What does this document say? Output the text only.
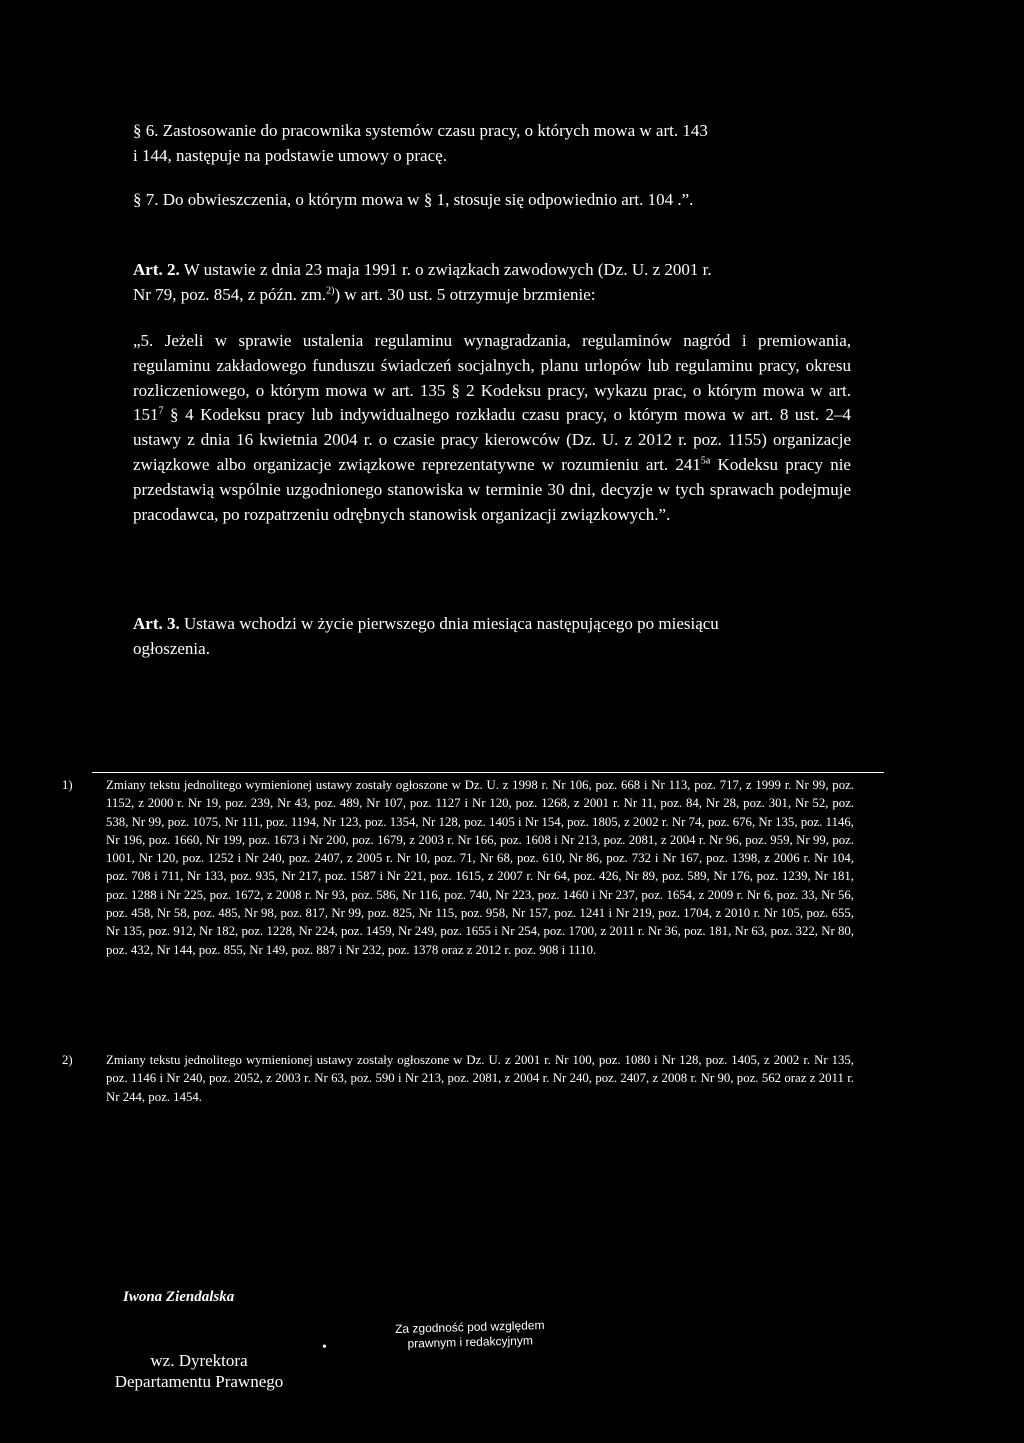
§ 6. Zastosowanie do pracownika systemów czasu pracy, o których mowa w art. 143
i 144, następuje na podstawie umowy o pracę.
§ 7. Do obwieszczenia, o którym mowa w § 1, stosuje się odpowiednio art. 104 .”.
Art. 2. W ustawie z dnia 23 maja 1991 r. o związkach zawodowych (Dz. U. z 2001 r.
Nr 79, poz. 854, z późn. zm.$^{2)}$) w art. 30 ust. 5 otrzymuje brzmienie:
„5. Jeżeli w sprawie ustalenia regulaminu wynagradzania, regulaminów nagród i premiowania, regulaminu zakładowego funduszu świadczeń socjalnych, planu urlopów lub regulaminu pracy, okresu rozliczeniowego, o którym mowa w art. 135 § 2 Kodeksu pracy, wykazu prac, o którym mowa w art. $151^7$ § 4 Kodeksu pracy lub indywidualnego rozkładu czasu pracy, o którym mowa w art. 8 ust. 2–4 ustawy z dnia 16 kwietnia 2004 r. o czasie pracy kierowców (Dz. U. z 2012 r. poz. 1155) organizacje związkowe albo organizacje związkowe reprezentatywne w rozumieniu art. $241^{5a}$ Kodeksu pracy nie przedstawią wspólnie uzgodnionego stanowiska w terminie 30 dni, decyzje w tych sprawach podejmuje pracodawca, po rozpatrzeniu odrębnych stanowisk organizacji związkowych.”.
Art. 3. Ustawa wchodzi w życie pierwszego dnia miesiąca następującego po miesiącu
ogłoszenia.
1)	Zmiany tekstu jednolitego wymienionej ustawy zostały ogłoszone w Dz. U. z 1998 r. Nr 106, poz. 668 i Nr 113, poz. 717, z 1999 r. Nr 99, poz. 1152, z 2000 r. Nr 19, poz. 239, Nr 43, poz. 489, Nr 107, poz. 1127 i Nr 120, poz. 1268, z 2001 r. Nr 11, poz. 84, Nr 28, poz. 301, Nr 52, poz. 538, Nr 99, poz. 1075, Nr 111, poz. 1194, Nr 123, poz. 1354, Nr 128, poz. 1405 i Nr 154, poz. 1805, z 2002 r. Nr 74, poz. 676, Nr 135, poz. 1146, Nr 196, poz. 1660, Nr 199, poz. 1673 i Nr 200, poz. 1679, z 2003 r. Nr 166, poz. 1608 i Nr 213, poz. 2081, z 2004 r. Nr 96, poz. 959, Nr 99, poz. 1001, Nr 120, poz. 1252 i Nr 240, poz. 2407, z 2005 r. Nr 10, poz. 71, Nr 68, poz. 610, Nr 86, poz. 732 i Nr 167, poz. 1398, z 2006 r. Nr 104, poz. 708 i 711, Nr 133, poz. 935, Nr 217, poz. 1587 i Nr 221, poz. 1615, z 2007 r. Nr 64, poz. 426, Nr 89, poz. 589, Nr 176, poz. 1239, Nr 181, poz. 1288 i Nr 225, poz. 1672, z 2008 r. Nr 93, poz. 586, Nr 116, poz. 740, Nr 223, poz. 1460 i Nr 237, poz. 1654, z 2009 r. Nr 6, poz. 33, Nr 56, poz. 458, Nr 58, poz. 485, Nr 98, poz. 817, Nr 99, poz. 825, Nr 115, poz. 958, Nr 157, poz. 1241 i Nr 219, poz. 1704, z 2010 r. Nr 105, poz. 655, Nr 135, poz. 912, Nr 182, poz. 1228, Nr 224, poz. 1459, Nr 249, poz. 1655 i Nr 254, poz. 1700, z 2011 r. Nr 36, poz. 181, Nr 63, poz. 322, Nr 80, poz. 432, Nr 144, poz. 855, Nr 149, poz. 887 i Nr 232, poz. 1378 oraz z 2012 r. poz. 908 i 1110.
2)	Zmiany tekstu jednolitego wymienionej ustawy zostały ogłoszone w Dz. U. z 2001 r. Nr 100, poz. 1080 i Nr 128, poz. 1405, z 2002 r. Nr 135, poz. 1146 i Nr 240, poz. 2052, z 2003 r. Nr 63, poz. 590 i Nr 213, poz. 2081, z 2004 r. Nr 240, poz. 2407, z 2008 r. Nr 90, poz. 562 oraz z 2011 r. Nr 244, poz. 1454.
Iwona Ziendalska
wz. Dyrektora
Departamentu Prawnego
•
Za zgodność pod względem
prawnym i redakcyjnym
